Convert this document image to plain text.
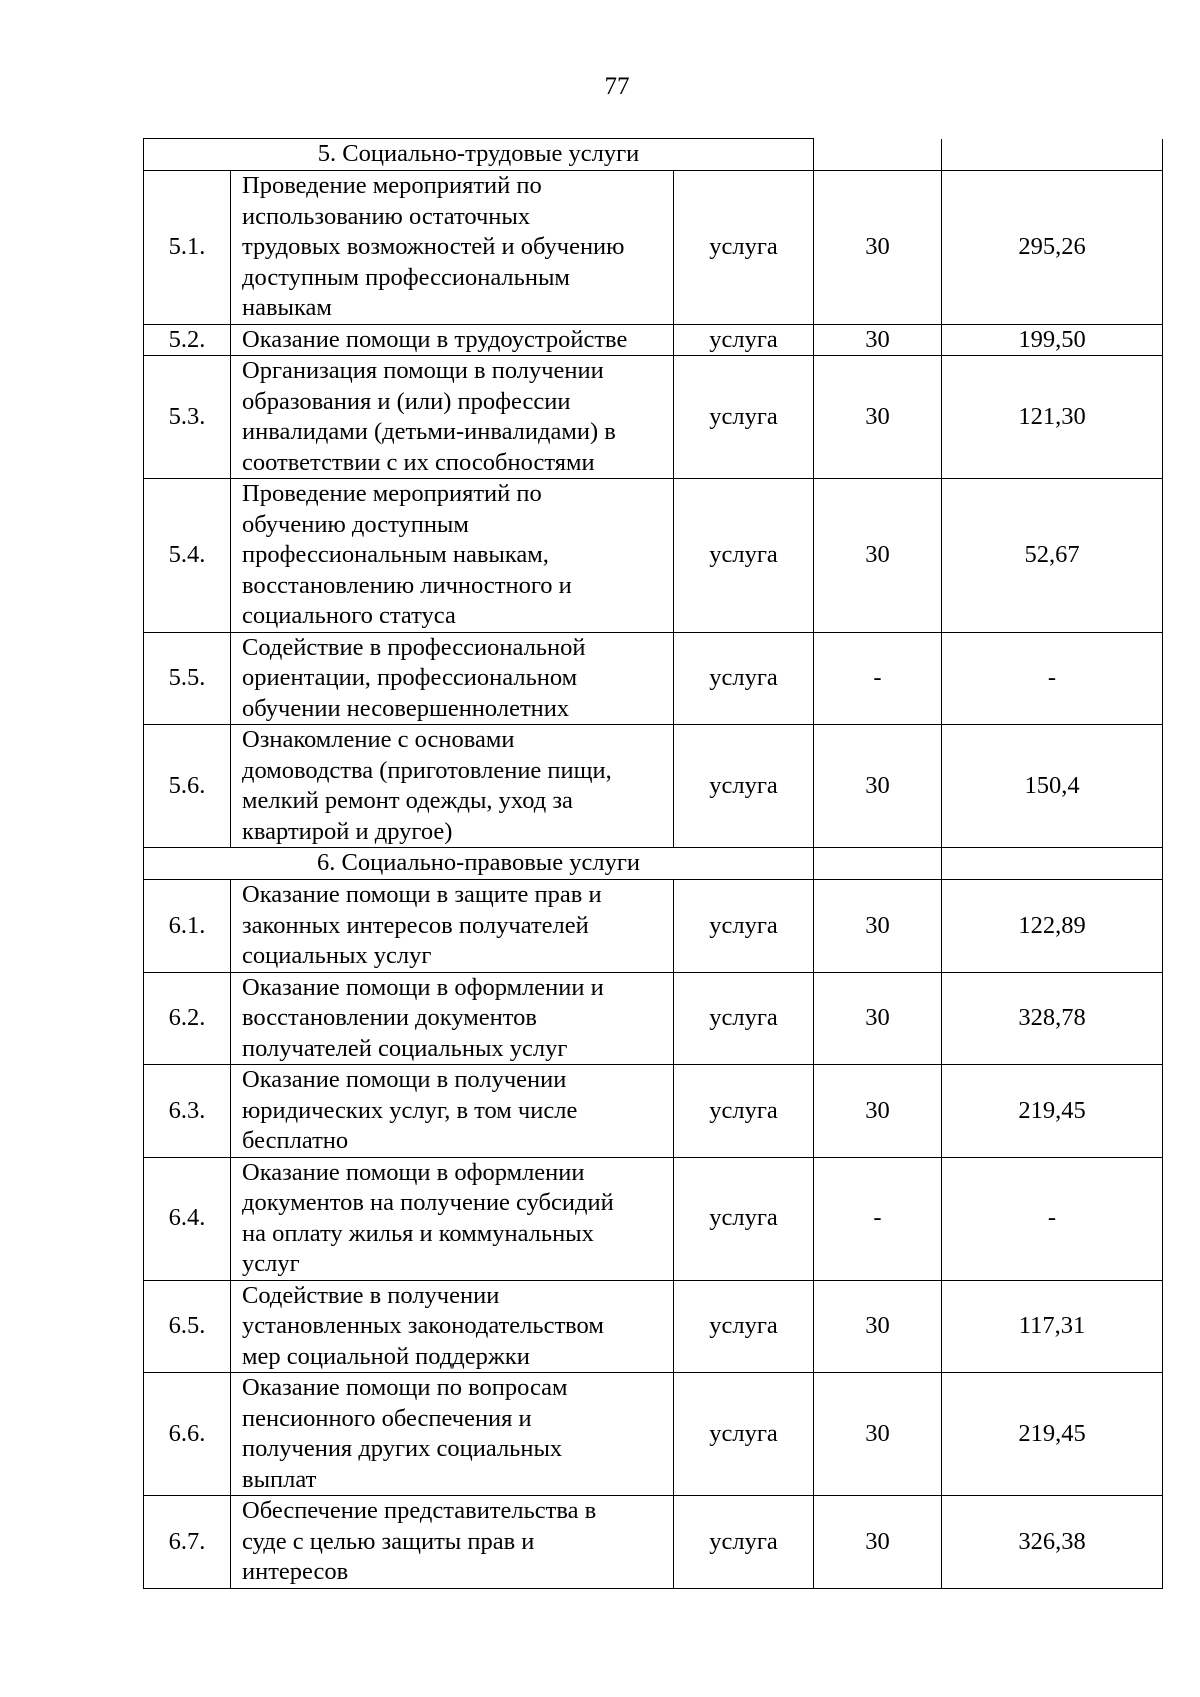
77
5. Социально-трудовые услуги				
5.1.	Проведение мероприятий по
использованию остаточных
трудовых возможностей и обучению
доступным профессиональным
навыкам	услуга	30	295,26
5.2.	Оказание помощи в трудоустройстве	услуга	30	199,50
5.3.	Организация помощи в получении
образования и (или) профессии
инвалидами (детьми-инвалидами) в
соответствии с их способностями	услуга	30	121,30
5.4.	Проведение мероприятий по
обучению доступным
профессиональным навыкам,
восстановлению личностного и
социального статуса	услуга	30	52,67
5.5.	Содействие в профессиональной
ориентации, профессиональном
обучении несовершеннолетних	услуга	-	-
5.6.	Ознакомление с основами
домоводства (приготовление пищи,
мелкий ремонт одежды, уход за
квартирой и другое)	услуга	30	150,4
6. Социально-правовые услуги				
6.1.	Оказание помощи в защите прав и
законных интересов получателей
социальных услуг	услуга	30	122,89
6.2.	Оказание помощи в оформлении и
восстановлении документов
получателей социальных услуг	услуга	30	328,78
6.3.	Оказание помощи в получении
юридических услуг, в том числе
бесплатно	услуга	30	219,45
6.4.	Оказание помощи в оформлении
документов на получение субсидий
на оплату жилья и коммунальных
услуг	услуга	-	-
6.5.	Содействие в получении
установленных законодательством
мер социальной поддержки	услуга	30	117,31
6.6.	Оказание помощи по вопросам
пенсионного обеспечения и
получения других социальных
выплат	услуга	30	219,45
6.7.	Обеспечение представительства в
суде с целью защиты прав и
интересов	услуга	30	326,38
